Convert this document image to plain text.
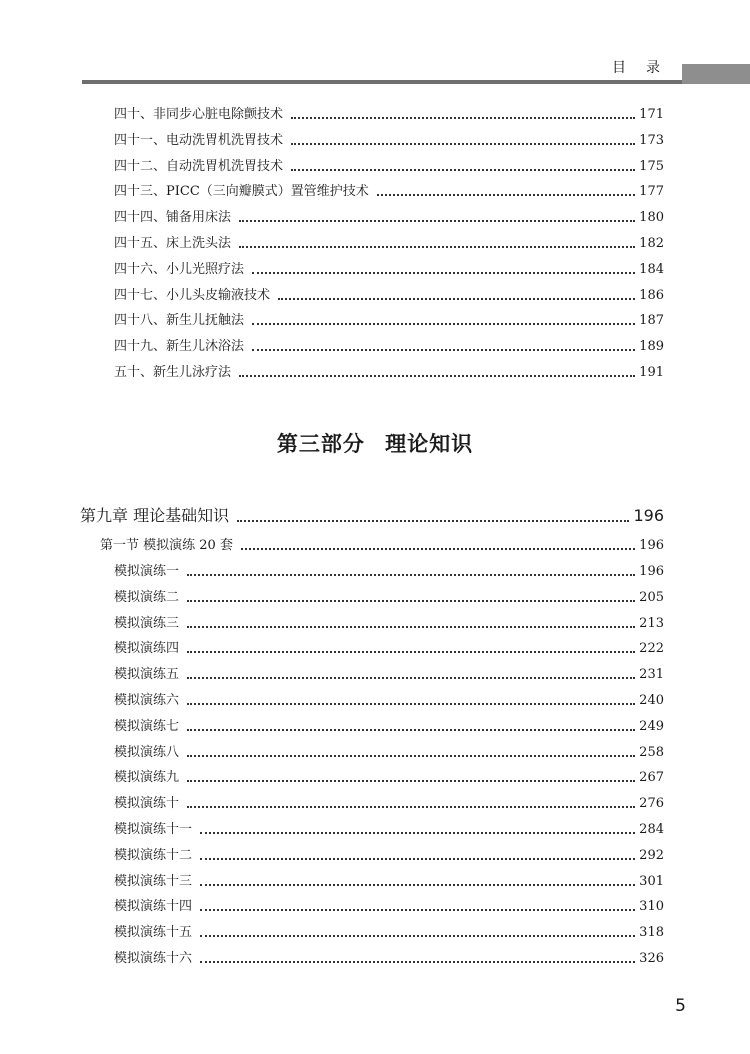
目录
四十、非同步心脏电除颤技术	171
四十一、电动洗胃机洗胃技术	173
四十二、自动洗胃机洗胃技术	175
四十三、PICC（三向瓣膜式）置管维护技术	177
四十四、铺备用床法	180
四十五、床上洗头法	182
四十六、小儿光照疗法	184
四十七、小儿头皮输液技术	186
四十八、新生儿抚触法	187
四十九、新生儿沐浴法	189
五十、新生儿泳疗法	191
第三部分 理论知识
第九章 理论基础知识	196
第一节 模拟演练 20 套	196
模拟演练一	196
模拟演练二	205
模拟演练三	213
模拟演练四	222
模拟演练五	231
模拟演练六	240
模拟演练七	249
模拟演练八	258
模拟演练九	267
模拟演练十	276
模拟演练十一	284
模拟演练十二	292
模拟演练十三	301
模拟演练十四	310
模拟演练十五	318
模拟演练十六	326
5
